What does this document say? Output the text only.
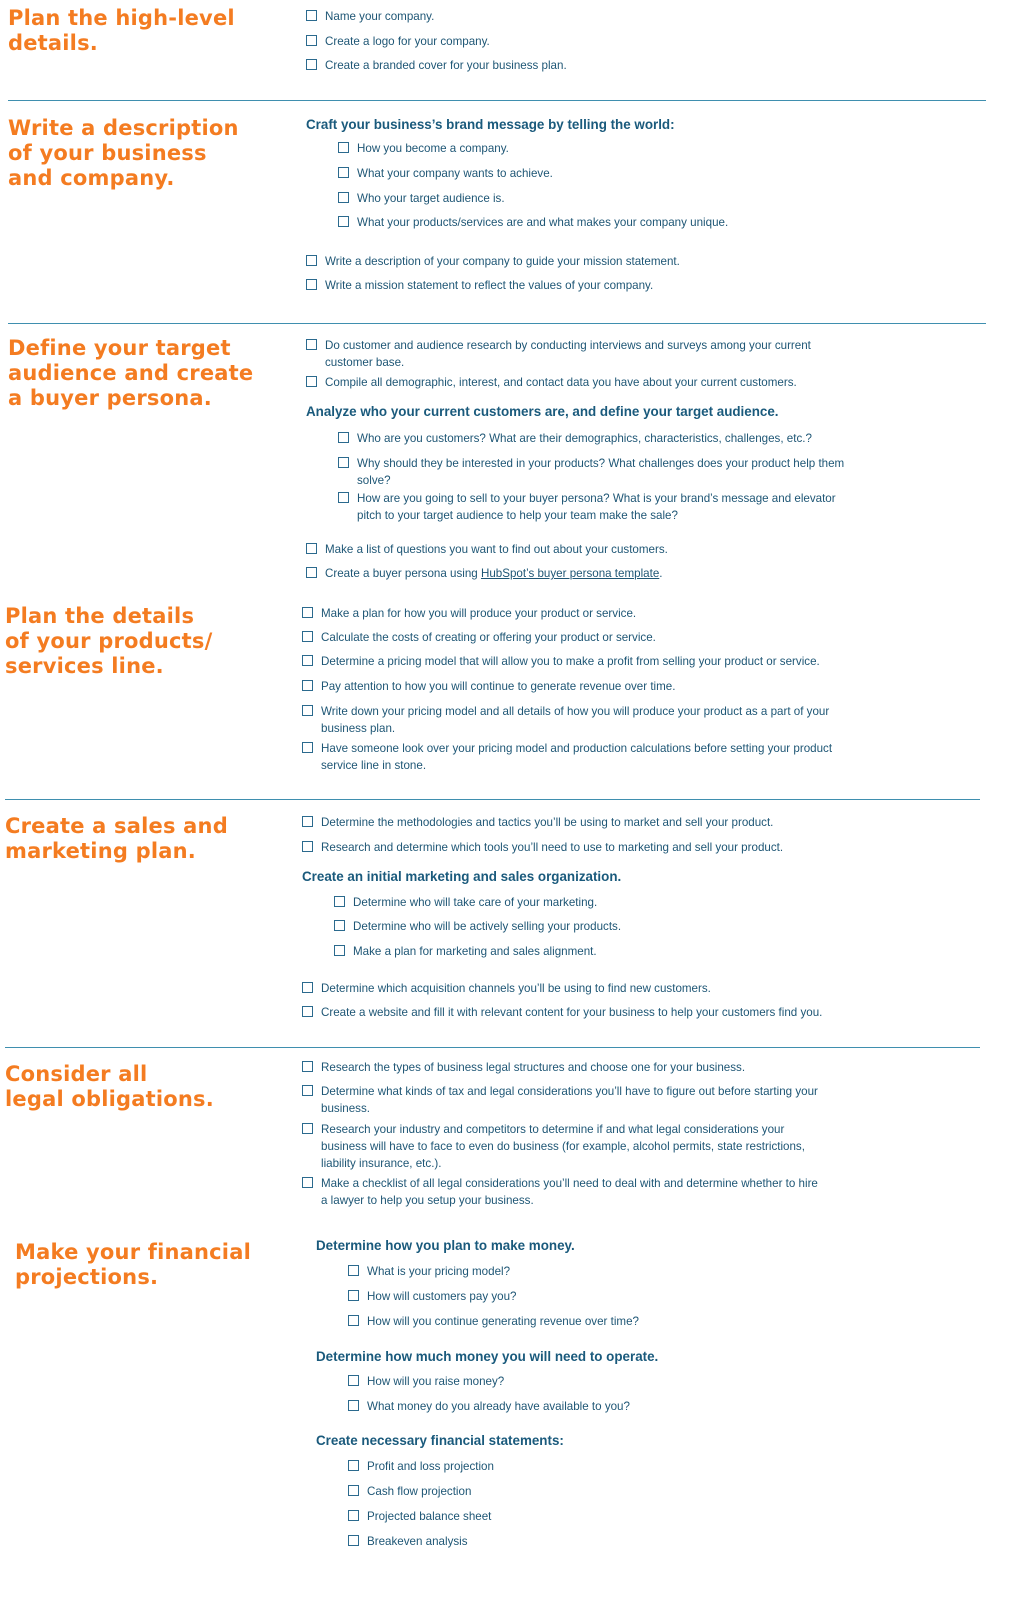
Plan the high-level
details.
Name your company.
Create a logo for your company.
Create a branded cover for your business plan.
Write a description
of your business
and company.
Craft your business’s brand message by telling the world:
How you become a company.
What your company wants to achieve.
Who your target audience is.
What your products/services are and what makes your company unique.
Write a description of your company to guide your mission statement.
Write a mission statement to reflect the values of your company.
Define your target
audience and create
a buyer persona.
Do customer and audience research by conducting interviews and surveys among your current
customer base.
Compile all demographic, interest, and contact data you have about your current customers.
Analyze who your current customers are, and define your target audience.
Who are you customers? What are their demographics, characteristics, challenges, etc.?
Why should they be interested in your products? What challenges does your product help them
solve?
How are you going to sell to your buyer persona? What is your brand’s message and elevator
pitch to your target audience to help your team make the sale?
Make a list of questions you want to find out about your customers.
Create a buyer persona using HubSpot’s buyer persona template.
Plan the details
of your products/
services line.
Make a plan for how you will produce your product or service.
Calculate the costs of creating or offering your product or service.
Determine a pricing model that will allow you to make a profit from selling your product or service.
Pay attention to how you will continue to generate revenue over time.
Write down your pricing model and all details of how you will produce your product as a part of your
business plan.
Have someone look over your pricing model and production calculations before setting your product
service line in stone.
Create a sales and
marketing plan.
Determine the methodologies and tactics you’ll be using to market and sell your product.
Research and determine which tools you’ll need to use to marketing and sell your product.
Create an initial marketing and sales organization.
Determine who will take care of your marketing.
Determine who will be actively selling your products.
Make a plan for marketing and sales alignment.
Determine which acquisition channels you’ll be using to find new customers.
Create a website and fill it with relevant content for your business to help your customers find you.
Consider all
legal obligations.
Research the types of business legal structures and choose one for your business.
Determine what kinds of tax and legal considerations you’ll have to figure out before starting your
business.
Research your industry and competitors to determine if and what legal considerations your
business will have to face to even do business (for example, alcohol permits, state restrictions,
liability insurance, etc.).
Make a checklist of all legal considerations you’ll need to deal with and determine whether to hire
a lawyer to help you setup your business.
Make your financial
projections.
Determine how you plan to make money.
What is your pricing model?
How will customers pay you?
How will you continue generating revenue over time?
Determine how much money you will need to operate.
How will you raise money?
What money do you already have available to you?
Create necessary financial statements:
Profit and loss projection
Cash flow projection
Projected balance sheet
Breakeven analysis
